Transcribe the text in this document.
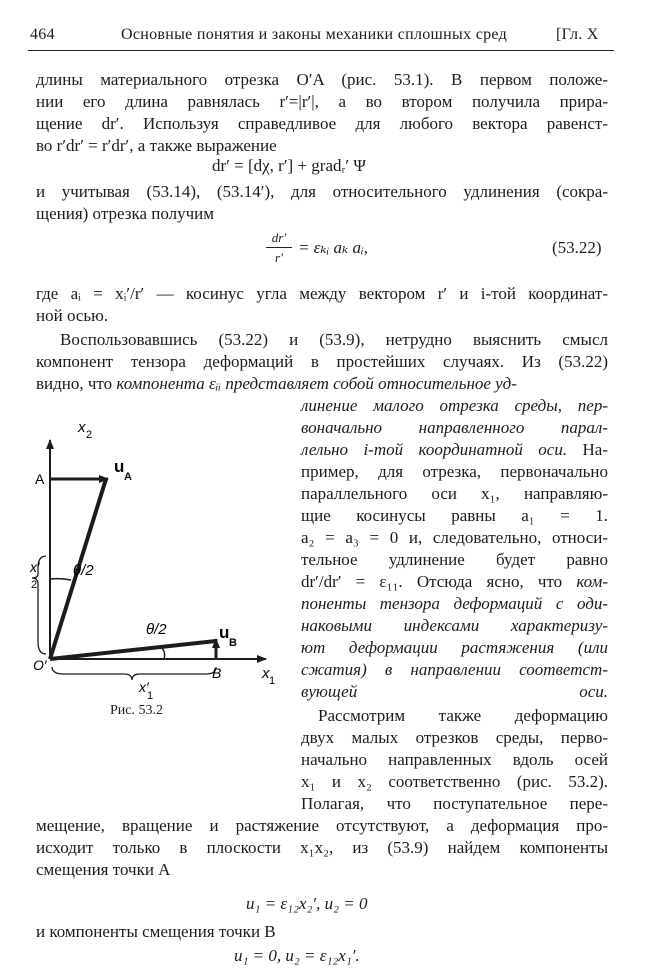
464	Основные понятия и законы механики сплошных сред	[Гл. X
длины материального отрезка O′A (рис. 53.1). В первом положе-
нии его длина равнялась r′=|r′|, а во втором получила прира-
щение dr′. Используя справедливое для любого вектора равенст-
во r′dr′ = r′dr′, а также выражение
dr′ = [dχ, r′] + gradᵣ′ Ψ
и учитывая (53.14), (53.14′), для относительного удлинения (сокра-
щения) отрезка получим
dr′
r′
= εₖᵢ aₖ aᵢ,	(53.22)
где aᵢ = xᵢ′/r′ — косинус угла между вектором r′ и i-той координат-
ной осью.
Воспользовавшись (53.22) и (53.9), нетрудно выяснить смысл
компонент тензора деформаций в простейших случаях. Из (53.22)
видно, что компонента εᵢᵢ представляет собой относительное уд-
линение малого отрезка среды, пер-
воначально направленного парал-
лельно i-той координатной оси. На-
пример, для отрезка, первоначально
параллельного оси x₁, направляю-
щие косинусы равны a₁ = 1.
a₂ = a₃ = 0 и, следовательно, относи-
тельное удлинение будет равно
dr′/dr′ = ε₁₁. Отсюда ясно, что ком-
поненты тензора деформаций с оди-
наковыми индексами характеризу-
ют деформации растяжения (или
сжатия) в направлении соответст-
вующей оси.
Рассмотрим также деформацию
двух малых отрезков среды, перво-
начально направленных вдоль осей
x₁ и x₂ соответственно (рис. 53.2).
Полагая, что поступательное пере-
x 2
x 1
A
B
O′
u
A
u
B
θ/2
θ/2
x′
2
x′
1
Рис. 53.2
мещение, вращение и растяжение отсутствуют, а деформация про-
исходит только в плоскости x₁x₂, из (53.9) найдем компоненты
смещения точки A
u₁ = ε₁₂x₂′, u₂ = 0
и компоненты смещения точки B
u₁ = 0, u₂ = ε₁₂x₁′.
